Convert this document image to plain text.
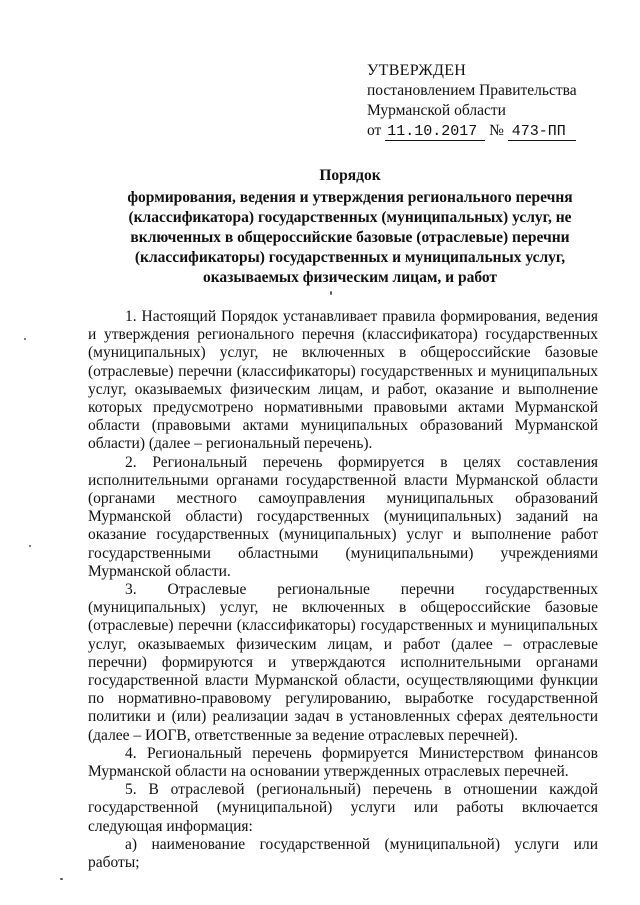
УТВЕРЖДЕН
постановлением Правительства
Мурманской области
от 11.10.2017 № 473-ПП
Порядок
формирования, ведения и утверждения регионального перечня
(классификатора) государственных (муниципальных) услуг, не
включенных в общероссийские базовые (отраслевые) перечни
(классификаторы) государственных и муниципальных услуг,
оказываемых физическим лицам, и работ

1. Настоящий Порядок устанавливает правила формирования, ведения и утверждения регионального перечня (классификатора) государственных (муниципальных) услуг, не включенных в общероссийские базовые (отраслевые) перечни (классификаторы) государственных и муниципальных услуг, оказываемых физическим лицам, и работ, оказание и выполнение которых предусмотрено нормативными правовыми актами Мурманской области (правовыми актами муниципальных образований Мурманской области) (далее – региональный перечень).

2. Региональный перечень формируется в целях составления исполнительными органами государственной власти Мурманской области (органами местного самоуправления муниципальных образований Мурманской области) государственных (муниципальных) заданий на оказание государственных (муниципальных) услуг и выполнение работ государственными областными (муниципальными) учреждениями Мурманской области.

3. Отраслевые региональные перечни государственных (муниципальных) услуг, не включенных в общероссийские базовые (отраслевые) перечни (классификаторы) государственных и муниципальных услуг, оказываемых физическим лицам, и работ (далее – отраслевые перечни) формируются и утверждаются исполнительными органами государственной власти Мурманской области, осуществляющими функции по нормативно-правовому регулированию, выработке государственной политики и (или) реализации задач в установленных сферах деятельности (далее – ИОГВ, ответственные за ведение отраслевых перечней).

4. Региональный перечень формируется Министерством финансов Мурманской области на основании утвержденных отраслевых перечней.

5. В отраслевой (региональный) перечень в отношении каждой государственной (муниципальной) услуги или работы включается следующая информация:

а) наименование государственной (муниципальной) услуги или работы;
